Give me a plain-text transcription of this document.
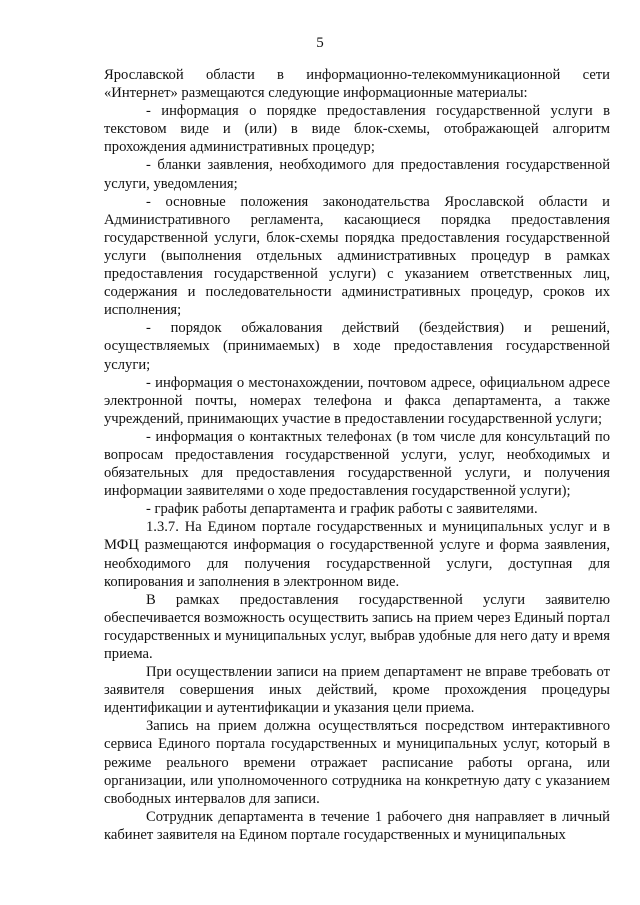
5

Ярославской области в информационно-телекоммуникационной сети «Интернет» размещаются следующие информационные материалы:

- информация о порядке предоставления государственной услуги в текстовом виде и (или) в виде блок-схемы, отображающей алгоритм прохождения административных процедур;

- бланки заявления, необходимого для предоставления государственной услуги, уведомления;

- основные положения законодательства Ярославской области и Административного регламента, касающиеся порядка предоставления государственной услуги, блок-схемы порядка предоставления государственной услуги (выполнения отдельных административных процедур в рамках предоставления государственной услуги) с указанием ответственных лиц, содержания и последовательности административных процедур, сроков их исполнения;

- порядок обжалования действий (бездействия) и решений, осуществляемых (принимаемых) в ходе предоставления государственной услуги;

- информация о местонахождении, почтовом адресе, официальном адресе электронной почты, номерах телефона и факса департамента, а также учреждений, принимающих участие в предоставлении государственной услуги;

- информация о контактных телефонах (в том числе для консультаций по вопросам предоставления государственной услуги, услуг, необходимых и обязательных для предоставления государственной услуги, и получения информации заявителями о ходе предоставления государственной услуги);

- график работы департамента и график работы с заявителями.

1.3.7. На Едином портале государственных и муниципальных услуг и в МФЦ размещаются информация о государственной услуге и форма заявления, необходимого для получения государственной услуги, доступная для копирования и заполнения в электронном виде.

В рамках предоставления государственной услуги заявителю обеспечивается возможность осуществить запись на прием через Единый портал государственных и муниципальных услуг, выбрав удобные для него дату и время приема.

При осуществлении записи на прием департамент не вправе требовать от заявителя совершения иных действий, кроме прохождения процедуры идентификации и аутентификации и указания цели приема.

Запись на прием должна осуществляться посредством интерактивного сервиса Единого портала государственных и муниципальных услуг, который в режиме реального времени отражает расписание работы органа, или организации, или уполномоченного сотрудника на конкретную дату с указанием свободных интервалов для записи.

Сотрудник департамента в течение 1 рабочего дня направляет в личный кабинет заявителя на Едином портале государственных и муниципальных
